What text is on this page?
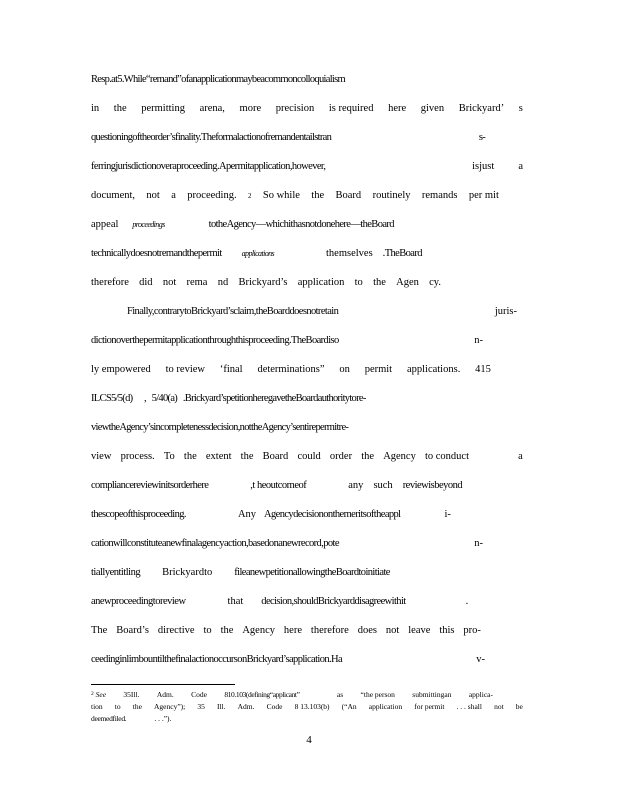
Resp.at5.While“remand”ofanapplicationmaybeacommoncolloquialism
in the permitting arena, more precision is required here given Brickyard’ s
questioningoftheorder’sfinality.Theformalactionofremandentailstran	s-
ferringjurisdictionoveraproceeding.Apermitapplication,however,	isjust a
document, not a proceeding. 2 So while the Board routinely remands per mit
appeal proceedings	totheAgency—whichithasnotdonehere—theBoard
technicallydoesnotremandthepermit	applications	themselves .TheBoard
therefore did not rema nd Brickyard’s application to the Agen cy.
Finally,contrarytoBrickyard’sclaim,theBoarddoesnotretain	juris-
dictionoverthepermitapplicationthroughthisproceeding.TheBoardiso	n-
ly empowered to review ‘final determinations” on permit applications. 415
ILCS5/5(d)      ,   5/40(a)   .Brickyard’spetitionheregavetheBoardauthoritytore-
viewtheAgency’sincompletenessdecision,nottheAgency’sentirepermitre-
view process. To the extent the Board could order the Agency to conduct	a
compliancereviewinitsorderhere	,t heoutcomeof	any such reviewisbeyond
thescopeofthisproceeding.	Any Agencydecisiononthemeritsoftheappl	i-
cationwillconstituteanewfinalagencyaction,basedonanewrecord,pote	n-
tiallyentitling Brickyardto fileanewpetitionallowingtheBoardtoinitiate
anewproceedingtoreview	that decision,shouldBrickyarddisagreewithit	.
The Board’s directive to the Agency here therefore does not leave this pro-
ceedinginlimbountilthefinalactionoccursonBrickyard’sapplication.Ha	v-
2 See 35Ill. Adm. Code 810.103(defining“applicant”	as “the person submittingan applica-
tion to the Agency”); 35 Ill. Adm. Code 8 13.103(b) (“An application for permit . . . shall not be
deemedfiled.	. . .”).
4
